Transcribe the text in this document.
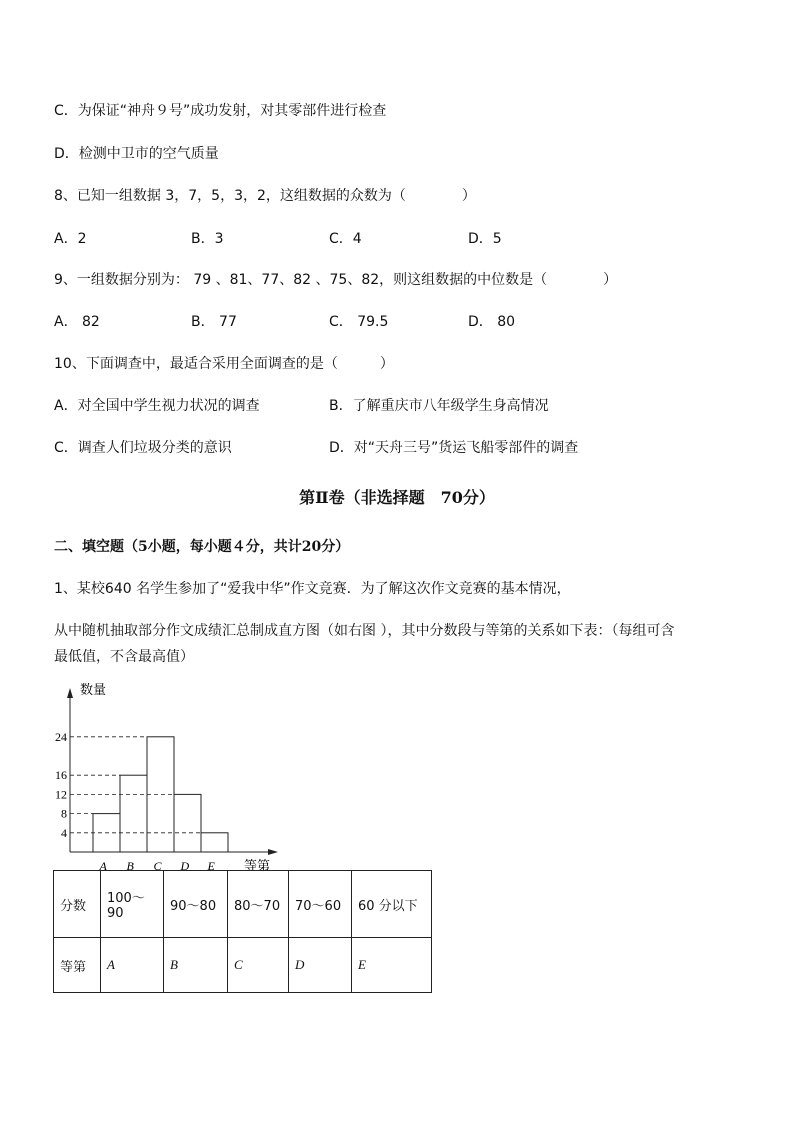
C．为保证“神舟９号”成功发射，对其零部件进行检查
D．检测中卫市的空气质量
8、已知一组数据 3，7，5，3，2，这组数据的众数为（　　　　）
A．2	B．3	C．4	D．5
9、一组数据分别为： 79 、81、77、82 、75、82，则这组数据的中位数是（　　　　）
A． 82	B． 77	C． 79.5	D． 80
10、下面调查中，最适合采用全面调查的是（　　　）
A．对全国中学生视力状况的调查	B．了解重庆市八年级学生身高情况
C．调查人们垃圾分类的意识	D．对“天舟三号”货运飞船零部件的调查
第Ⅱ卷（非选择题　70分）
二、填空题（5小题，每小题４分，共计20分）
1、某校640 名学生参加了“爱我中华”作文竞赛．为了解这次作文竞赛的基本情况，
从中随机抽取部分作文成绩汇总制成直方图（如右图 ），其中分数段与等第的关系如下表：（每组可含
最低值，不含最高值）
数量
等第
A B C D E
4
8
12
16
24
分数	100～90	90～80	80～70	70～60	60 分以下
等第	A	B	C	D	E
